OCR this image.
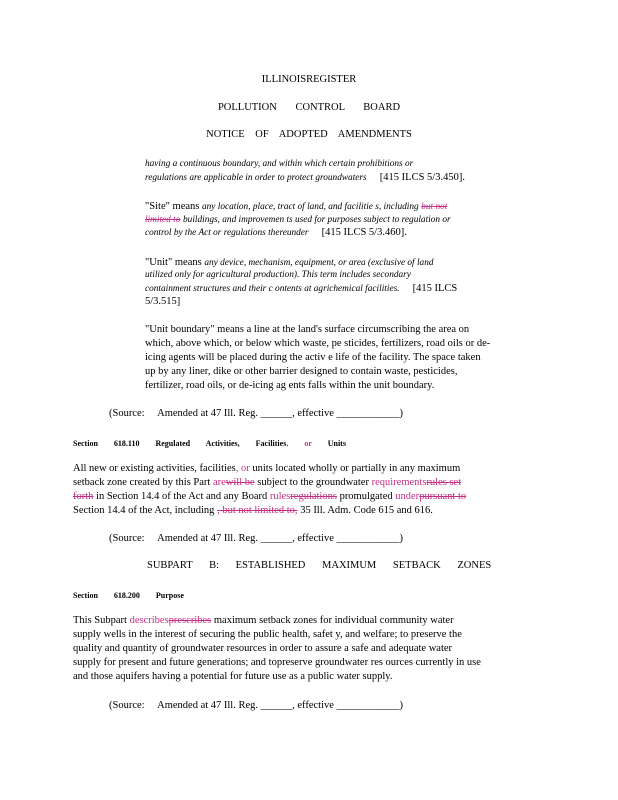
ILLINOISREGISTER
POLLUTION CONTROL BOARD
NOTICE OF ADOPTED AMENDMENTS
having a continuous boundary, and within which certain prohibitions or
regulations are applicable in order to protect groundwaters [415 ILCS 5/3.450].
"Site" means any location, place, tract of land, and facilitie s, including but not
limited to buildings, and improvemen ts used for purposes subject to regulation or
control by the Act or regulations thereunder [415 ILCS 5/3.460].
"Unit" means any device, mechanism, equipment, or area (exclusive of land
utilized only for agricultural production). This term includes secondary
containment structures and their c ontents at agrichemical facilities. [415 ILCS
5/3.515]
"Unit boundary" means a line at the land's surface circumscribing the area on
which, above which, or below which waste, pe sticides, fertilizers, road oils or de-
icing agents will be placed during the activ e life of the facility. The space taken
up by any liner, dike or other barrier designed to contain waste, pesticides,
fertilizer, road oils, or de-icing ag ents falls within the unit boundary.
(Source: Amended at 47 Ill. Reg. ______, effective ____________)
Section 618.110 Regulated Activities, Facilities, or Units
All new or existing activities, facilities, or units located wholly or partially in any maximum
setback zone created by this Part arewill be subject to the groundwater requirementsrules set
forth in Section 14.4 of the Act and any Board rulesregulations promulgated underpursuant to
Section 14.4 of the Act, including , but not limited to, 35 Ill. Adm. Code 615 and 616.
(Source: Amended at 47 Ill. Reg. ______, effective ____________)
SUBPART B: ESTABLISHED MAXIMUM SETBACK ZONES
Section 618.200 Purpose
This Subpart describesprescribes maximum setback zones for individual community water
supply wells in the interest of securing the public health, safet y, and welfare; to preserve the
quality and quantity of groundwater resources in order to assure a safe and adequate water
supply for present and future generations; and topreserve groundwater res ources currently in use
and those aquifers having a potential for future use as a public water supply.
(Source: Amended at 47 Ill. Reg. ______, effective ____________)
